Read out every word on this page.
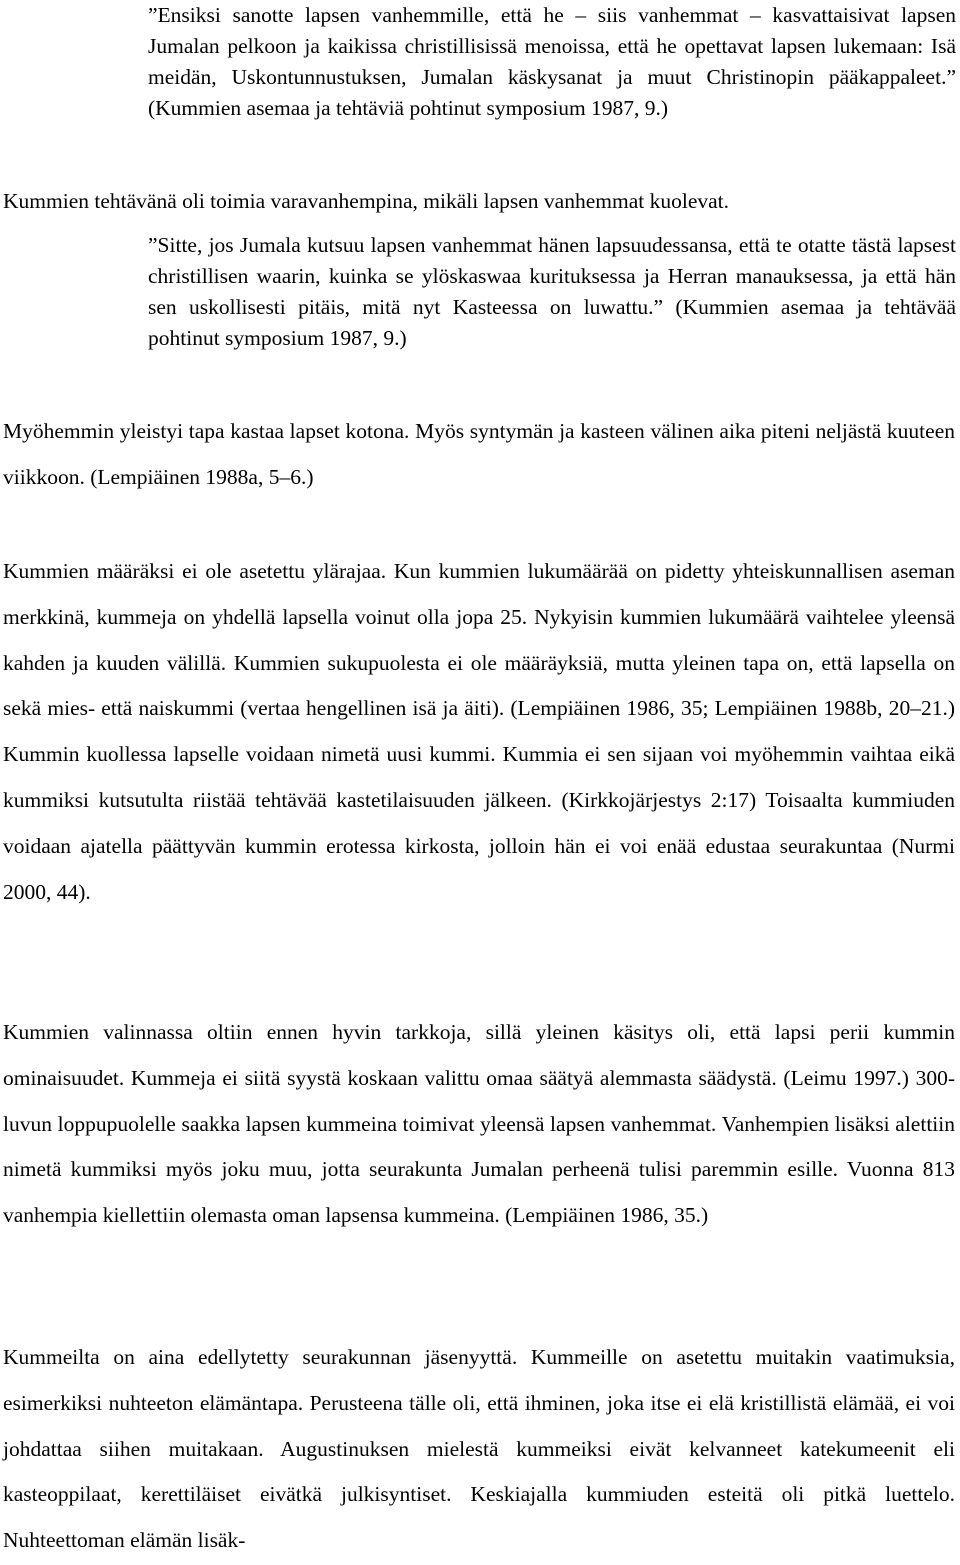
”Ensiksi sanotte lapsen vanhemmille, että he – siis vanhemmat – kasvattaisivat lapsen Jumalan pelkoon ja kaikissa christillisissä menoissa, että he opettavat lapsen lukemaan: Isä meidän, Uskontunnustuksen, Jumalan käskysanat ja muut Christinopin pääkappaleet.” (Kummien asemaa ja tehtäviä pohtinut symposium 1987, 9.)

Kummien tehtävänä oli toimia varavanhempina, mikäli lapsen vanhemmat kuolevat.

”Sitte, jos Jumala kutsuu lapsen vanhemmat hänen lapsuudessansa, että te otatte tästä lapsest christillisen waarin, kuinka se ylöskaswaa kurituksessa ja Herran manauksessa, ja että hän sen uskollisesti pitäis, mitä nyt Kasteessa on luwattu.” (Kummien asemaa ja tehtävää pohtinut symposium 1987, 9.)

Myöhemmin yleistyi tapa kastaa lapset kotona. Myös syntymän ja kasteen välinen aika piteni neljästä kuuteen viikkoon. (Lempiäinen 1988a, 5–6.)

Kummien määräksi ei ole asetettu ylärajaa. Kun kummien lukumäärää on pidetty yhteiskunnallisen aseman merkkinä, kummeja on yhdellä lapsella voinut olla jopa 25. Nykyisin kummien lukumäärä vaihtelee yleensä kahden ja kuuden välillä. Kummien sukupuolesta ei ole määräyksiä, mutta yleinen tapa on, että lapsella on sekä mies- että naiskummi (vertaa hengellinen isä ja äiti). (Lempiäinen 1986, 35; Lempiäinen 1988b, 20–21.) Kummin kuollessa lapselle voidaan nimetä uusi kummi. Kummia ei sen sijaan voi myöhemmin vaihtaa eikä kummiksi kutsutulta riistää tehtävää kastetilaisuuden jälkeen. (Kirkkojärjestys 2:17) Toisaalta kummiuden voidaan ajatella päättyvän kummin erotessa kirkosta, jolloin hän ei voi enää edustaa seurakuntaa (Nurmi 2000, 44).

Kummien valinnassa oltiin ennen hyvin tarkkoja, sillä yleinen käsitys oli, että lapsi perii kummin ominaisuudet. Kummeja ei siitä syystä koskaan valittu omaa säätyä alemmasta säädystä. (Leimu 1997.) 300-luvun loppupuolelle saakka lapsen kummeina toimivat yleensä lapsen vanhemmat. Vanhempien lisäksi alettiin nimetä kummiksi myös joku muu, jotta seurakunta Jumalan perheenä tulisi paremmin esille. Vuonna 813 vanhempia kiellettiin olemasta oman lapsensa kummeina. (Lempiäinen 1986, 35.)

Kummeilta on aina edellytetty seurakunnan jäsenyyttä. Kummeille on asetettu muitakin vaatimuksia, esimerkiksi nuhteeton elämäntapa. Perusteena tälle oli, että ihminen, joka itse ei elä kristillistä elämää, ei voi johdattaa siihen muitakaan. Augustinuksen mielestä kummeiksi eivät kelvanneet katekumeenit eli kasteoppilaat, kerettiläiset eivätkä julkisyntiset. Keskiajalla kummiuden esteitä oli pitkä luettelo. Nuhteettoman elämän lisäk-
